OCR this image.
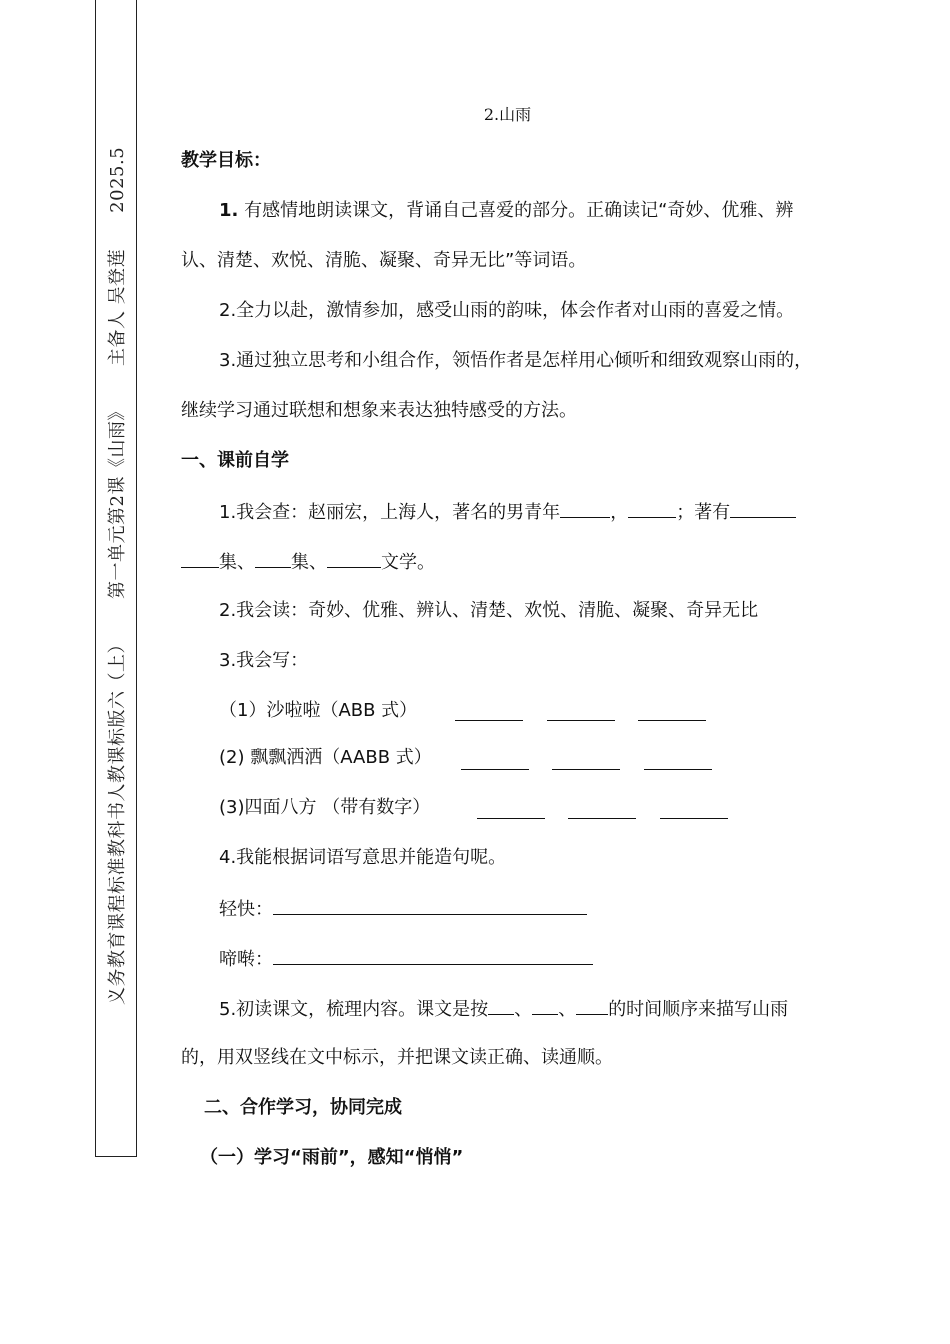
义务教育课程标准教科书人教课标版六（上）第一单元第2课《山雨》主备人 吴登莲2025.5
2.山雨
教学目标：
1. 有感情地朗读课文，背诵自己喜爱的部分。正确读记“奇妙、优雅、辨
认、清楚、欢悦、清脆、凝聚、奇异无比”等词语。
2.全力以赴，激情参加，感受山雨的韵味，体会作者对山雨的喜爱之情。
3.通过独立思考和小组合作，领悟作者是怎样用心倾听和细致观察山雨的，
继续学习通过联想和想象来表达独特感受的方法。
一、课前自学
1.我会查：赵丽宏，上海人，著名的男青年	，	；著有
集、 集、	文学。
2.我会读：奇妙、优雅、辨认、清楚、欢悦、清脆、凝聚、奇异无比
3.我会写：
（1）沙啦啦（ABB 式）
(2) 飘飘洒洒（AABB 式）
(3)四面八方 （带有数字）
4.我能根据词语写意思并能造句呢。
轻快：
啼啭：
5.初读课文，梳理内容。课文是按 、 、 的时间顺序来描写山雨
的，用双竖线在文中标示，并把课文读正确、读通顺。
二、合作学习，协同完成
（一）学习“雨前”，感知“悄悄”
